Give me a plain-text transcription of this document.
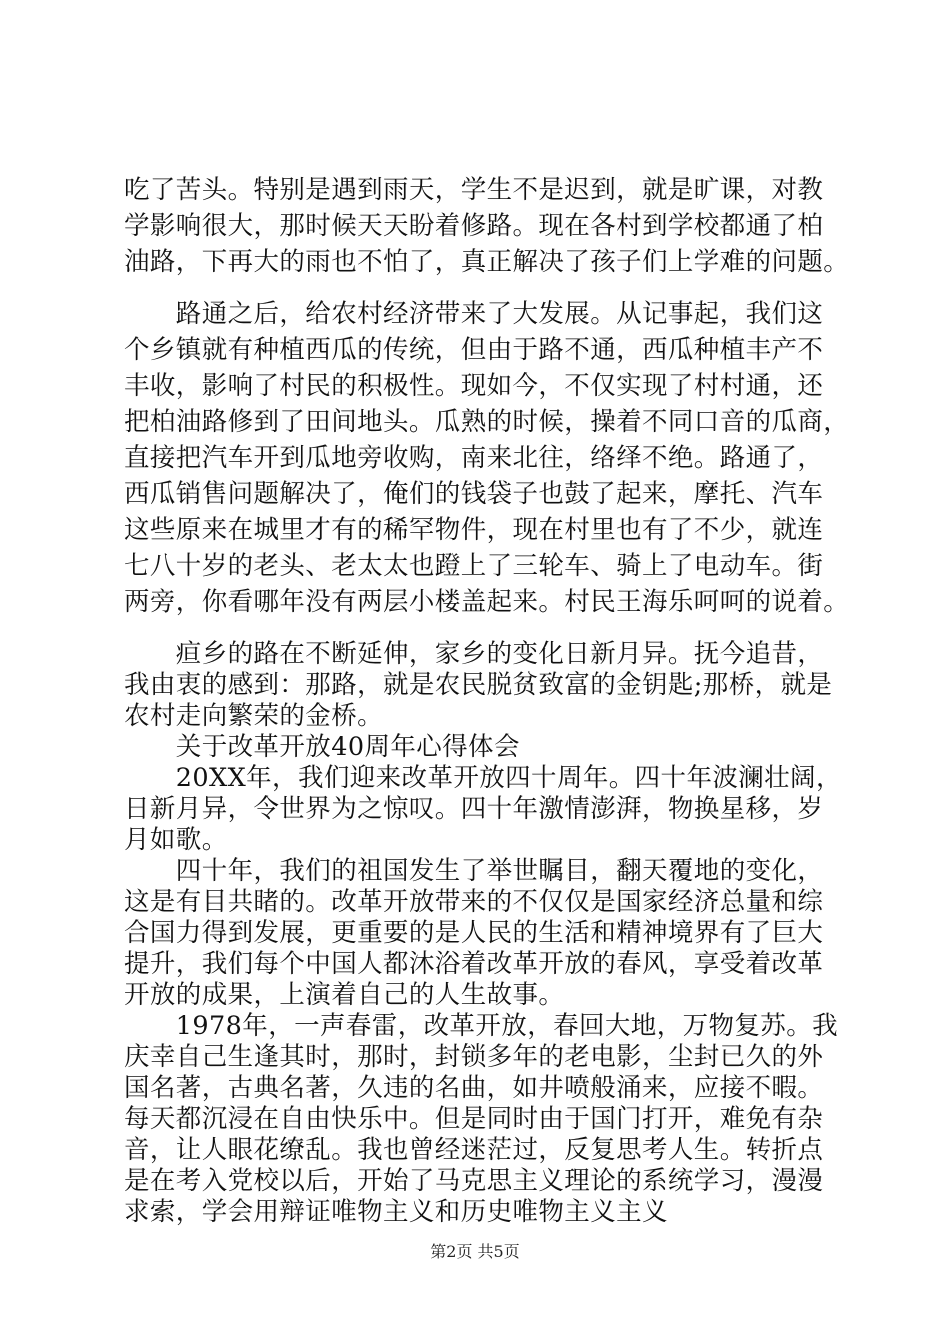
吃了苦头。特别是遇到雨天，学生不是迟到，就是旷课，对教
学影响很大，那时候天天盼着修路。现在各村到学校都通了柏
油路，下再大的雨也不怕了，真正解决了孩子们上学难的问题。
　　路通之后，给农村经济带来了大发展。从记事起，我们这
个乡镇就有种植西瓜的传统，但由于路不通，西瓜种植丰产不
丰收，影响了村民的积极性。现如今，不仅实现了村村通，还
把柏油路修到了田间地头。瓜熟的时候，操着不同口音的瓜商，
直接把汽车开到瓜地旁收购，南来北往，络绎不绝。路通了，
西瓜销售问题解决了，俺们的钱袋子也鼓了起来，摩托、汽车
这些原来在城里才有的稀罕物件，现在村里也有了不少，就连
七八十岁的老头、老太太也蹬上了三轮车、骑上了电动车。街
两旁，你看哪年没有两层小楼盖起来。村民王海乐呵呵的说着。
　　疸乡的路在不断延伸，家乡的变化日新月异。抚今追昔，
我由衷的感到：那路，就是农民脱贫致富的金钥匙;那桥，就是
农村走向繁荣的金桥。
　　关于改革开放40周年心得体会
　　20XX年，我们迎来改革开放四十周年。四十年波澜壮阔，
日新月异，令世界为之惊叹。四十年激情澎湃，物换星移，岁
月如歌。
　　四十年，我们的祖国发生了举世瞩目，翻天覆地的变化，
这是有目共睹的。改革开放带来的不仅仅是国家经济总量和综
合国力得到发展，更重要的是人民的生活和精神境界有了巨大
提升，我们每个中国人都沐浴着改革开放的春风，享受着改革
开放的成果，上演着自己的人生故事。
　　1978年，一声春雷，改革开放，春回大地，万物复苏。我
庆幸自己生逢其时，那时，封锁多年的老电影，尘封已久的外
国名著，古典名著，久违的名曲，如井喷般涌来，应接不暇。
每天都沉浸在自由快乐中。但是同时由于国门打开，难免有杂
音，让人眼花缭乱。我也曾经迷茫过，反复思考人生。转折点
是在考入党校以后，开始了马克思主义理论的系统学习，漫漫
求索，学会用辩证唯物主义和历史唯物主义主义
第2页 共5页
